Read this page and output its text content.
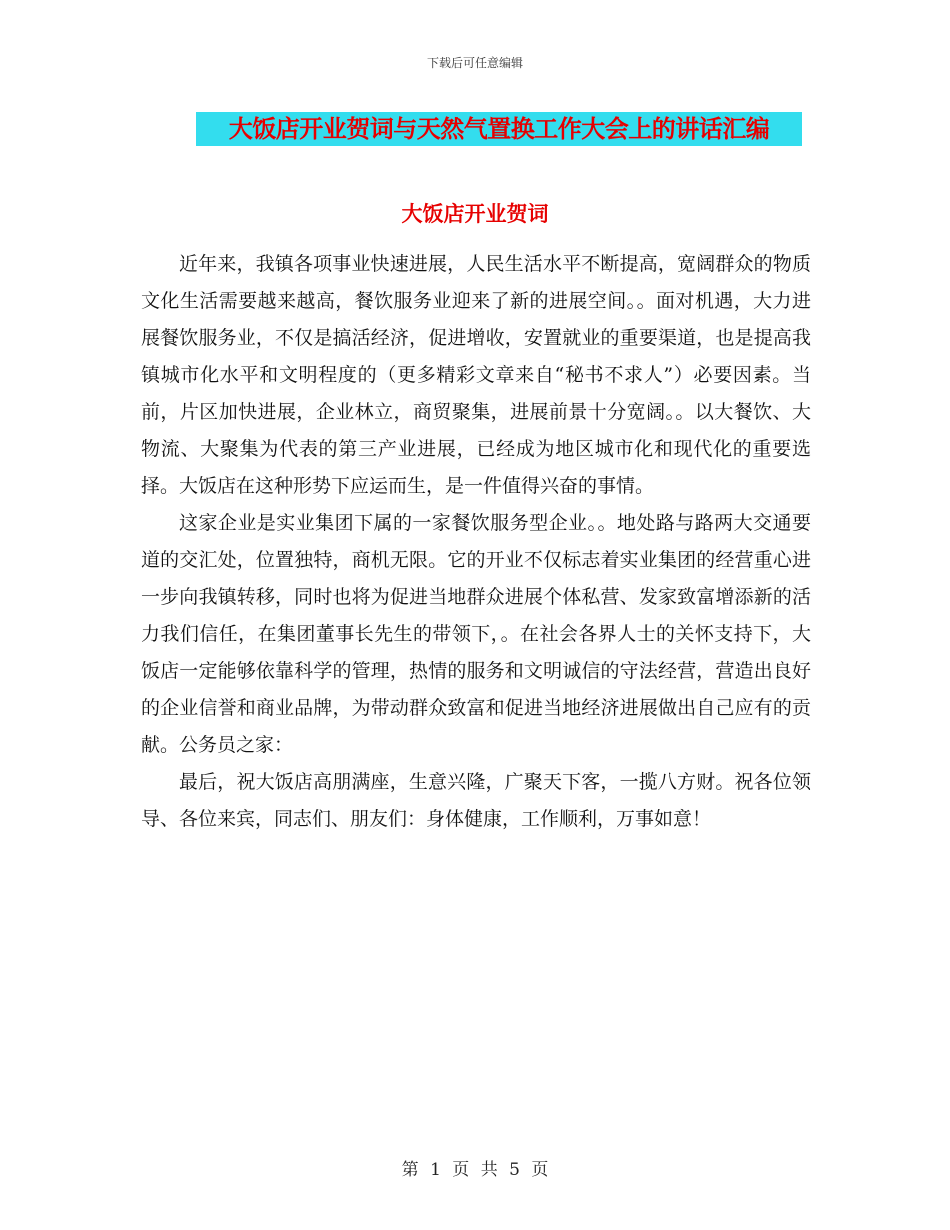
下载后可任意编辑
大饭店开业贺词与天然气置换工作大会上的讲话汇编
大饭店开业贺词

近年来，我镇各项事业快速进展，人民生活水平不断提高，宽阔群众的物质文化生活需要越来越高，餐饮服务业迎来了新的进展空间。。面对机遇，大力进展餐饮服务业，不仅是搞活经济，促进增收，安置就业的重要渠道，也是提高我镇城市化水平和文明程度的（更多精彩文章来自“秘书不求人”）必要因素。当前，片区加快进展，企业林立，商贸聚集，进展前景十分宽阔。。以大餐饮、大物流、大聚集为代表的第三产业进展，已经成为地区城市化和现代化的重要选择。大饭店在这种形势下应运而生，是一件值得兴奋的事情。

这家企业是实业集团下属的一家餐饮服务型企业。。地处路与路两大交通要道的交汇处，位置独特，商机无限。它的开业不仅标志着实业集团的经营重心进一步向我镇转移，同时也将为促进当地群众进展个体私营、发家致富增添新的活力我们信任，在集团董事长先生的带领下，。在社会各界人士的关怀支持下，大饭店一定能够依靠科学的管理，热情的服务和文明诚信的守法经营，营造出良好的企业信誉和商业品牌，为带动群众致富和促进当地经济进展做出自己应有的贡献。公务员之家：

最后，祝大饭店高朋满座，生意兴隆，广聚天下客，一揽八方财。祝各位领导、各位来宾，同志们、朋友们：身体健康，工作顺利，万事如意！

第 1 页 共 5 页
